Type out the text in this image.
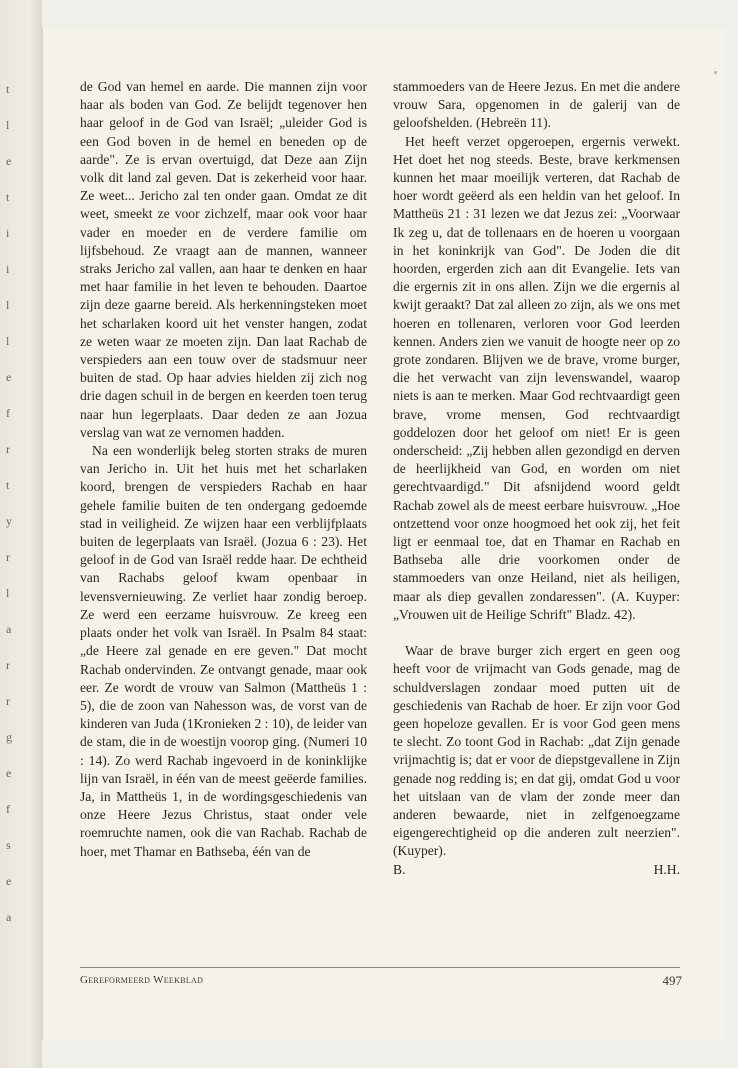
t
l
e
t
i
i
l
l
e
f
r
t
y
r
l
a
r
r
g
e
f
s
e
a

de God van hemel en aarde. Die mannen zijn voor haar als boden van God. Ze belijdt tegenover hen haar geloof in de God van Israël; „uleider God is een God boven in de hemel en beneden op de aarde". Ze is ervan overtuigd, dat Deze aan Zijn volk dit land zal geven. Dat is zekerheid voor haar. Ze weet... Jericho zal ten onder gaan. Omdat ze dit weet, smeekt ze voor zichzelf, maar ook voor haar vader en moeder en de verdere familie om lijfsbehoud. Ze vraagt aan de mannen, wanneer straks Jericho zal vallen, aan haar te denken en haar met haar familie in het leven te behouden. Daartoe zijn deze gaarne bereid. Als herkenningsteken moet het scharlaken koord uit het venster hangen, zodat ze weten waar ze moeten zijn. Dan laat Rachab de verspieders aan een touw over de stadsmuur neer buiten de stad. Op haar advies hielden zij zich nog drie dagen schuil in de bergen en keerden toen terug naar hun legerplaats. Daar deden ze aan Jozua verslag van wat ze vernomen hadden.

Na een wonderlijk beleg storten straks de muren van Jericho in. Uit het huis met het scharlaken koord, brengen de verspieders Rachab en haar gehele familie buiten de ten ondergang gedoemde stad in veiligheid. Ze wijzen haar een verblijfplaats buiten de legerplaats van Israël. (Jozua 6 : 23). Het geloof in de God van Israël redde haar. De echtheid van Rachabs geloof kwam openbaar in levensvernieuwing. Ze verliet haar zondig beroep. Ze werd een eerzame huisvrouw. Ze kreeg een plaats onder het volk van Israël. In Psalm 84 staat: „de Heere zal genade en ere geven." Dat mocht Rachab ondervinden. Ze ontvangt genade, maar ook eer. Ze wordt de vrouw van Salmon (Mattheüs 1 : 5), die de zoon van Nahesson was, de vorst van de kinderen van Juda (1Kronieken 2 : 10), de leider van de stam, die in de woestijn voorop ging. (Numeri 10 : 14). Zo werd Rachab ingevoerd in de koninklijke lijn van Israël, in één van de meest geëerde families. Ja, in Mattheüs 1, in de wordingsgeschiedenis van onze Heere Jezus Christus, staat onder vele roemruchte namen, ook die van Rachab. Rachab de hoer, met Thamar en Bathseba, één van de

stammoeders van de Heere Jezus. En met die andere vrouw Sara, opgenomen in de galerij van de geloofshelden. (Hebreën 11).

Het heeft verzet opgeroepen, ergernis verwekt. Het doet het nog steeds. Beste, brave kerkmensen kunnen het maar moeilijk verteren, dat Rachab de hoer wordt geëerd als een heldin van het geloof. In Mattheüs 21 : 31 lezen we dat Jezus zei: „Voorwaar Ik zeg u, dat de tollenaars en de hoeren u voorgaan in het koninkrijk van God". De Joden die dit hoorden, ergerden zich aan dit Evangelie. Iets van die ergernis zit in ons allen. Zijn we die ergernis al kwijt geraakt? Dat zal alleen zo zijn, als we ons met hoeren en tollenaren, verloren voor God leerden kennen. Anders zien we vanuit de hoogte neer op zo grote zondaren. Blijven we de brave, vrome burger, die het verwacht van zijn levenswandel, waarop niets is aan te merken. Maar God rechtvaardigt geen brave, vrome mensen, God rechtvaardigt goddelozen door het geloof om niet! Er is geen onderscheid: „Zij hebben allen gezondigd en derven de heerlijkheid van God, en worden om niet gerechtvaardigd." Dit afsnijdend woord geldt Rachab zowel als de meest eerbare huisvrouw. „Hoe ontzettend voor onze hoogmoed het ook zij, het feit ligt er eenmaal toe, dat en Thamar en Rachab en Bathseba alle drie voorkomen onder de stammoeders van onze Heiland, niet als heiligen, maar als diep gevallen zondaressen". (A. Kuyper: „Vrouwen uit de Heilige Schrift" Bladz. 42).

Waar de brave burger zich ergert en geen oog heeft voor de vrijmacht van Gods genade, mag de schuldverslagen zondaar moed putten uit de geschiedenis van Rachab de hoer. Er zijn voor God geen hopeloze gevallen. Er is voor God geen mens te slecht. Zo toont God in Rachab: „dat Zijn genade vrijmachtig is; dat er voor de diepstgevallene in Zijn genade nog redding is; en dat gij, omdat God u voor het uitslaan van de vlam der zonde meer dan anderen bewaarde, niet in zelfgenoegzame eigengerechtigheid op die anderen zult neerzien". (Kuyper).

B.	H.H.
Gereformeerd Weekblad	497
